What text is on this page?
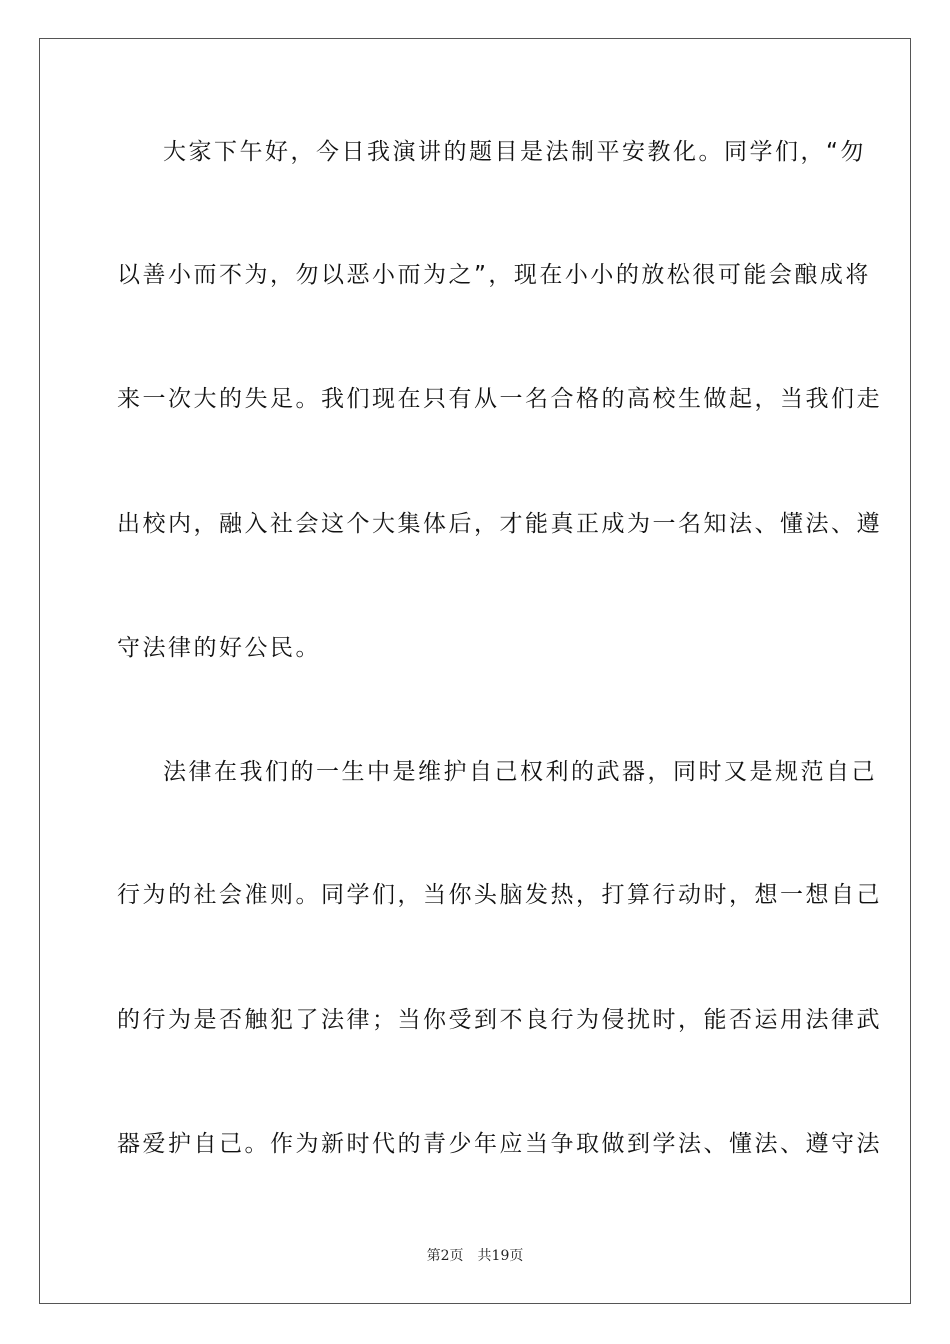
大家下午好，今日我演讲的题目是法制平安教化。同学们，“勿
以善小而不为，勿以恶小而为之”，现在小小的放松很可能会酿成将
来一次大的失足。我们现在只有从一名合格的高校生做起，当我们走
出校内，融入社会这个大集体后，才能真正成为一名知法、懂法、遵
守法律的好公民。
法律在我们的一生中是维护自己权利的武器，同时又是规范自己
行为的社会准则。同学们，当你头脑发热，打算行动时，想一想自己
的行为是否触犯了法律；当你受到不良行为侵扰时，能否运用法律武
器爱护自己。作为新时代的青少年应当争取做到学法、懂法、遵守法
第2页 共19页
